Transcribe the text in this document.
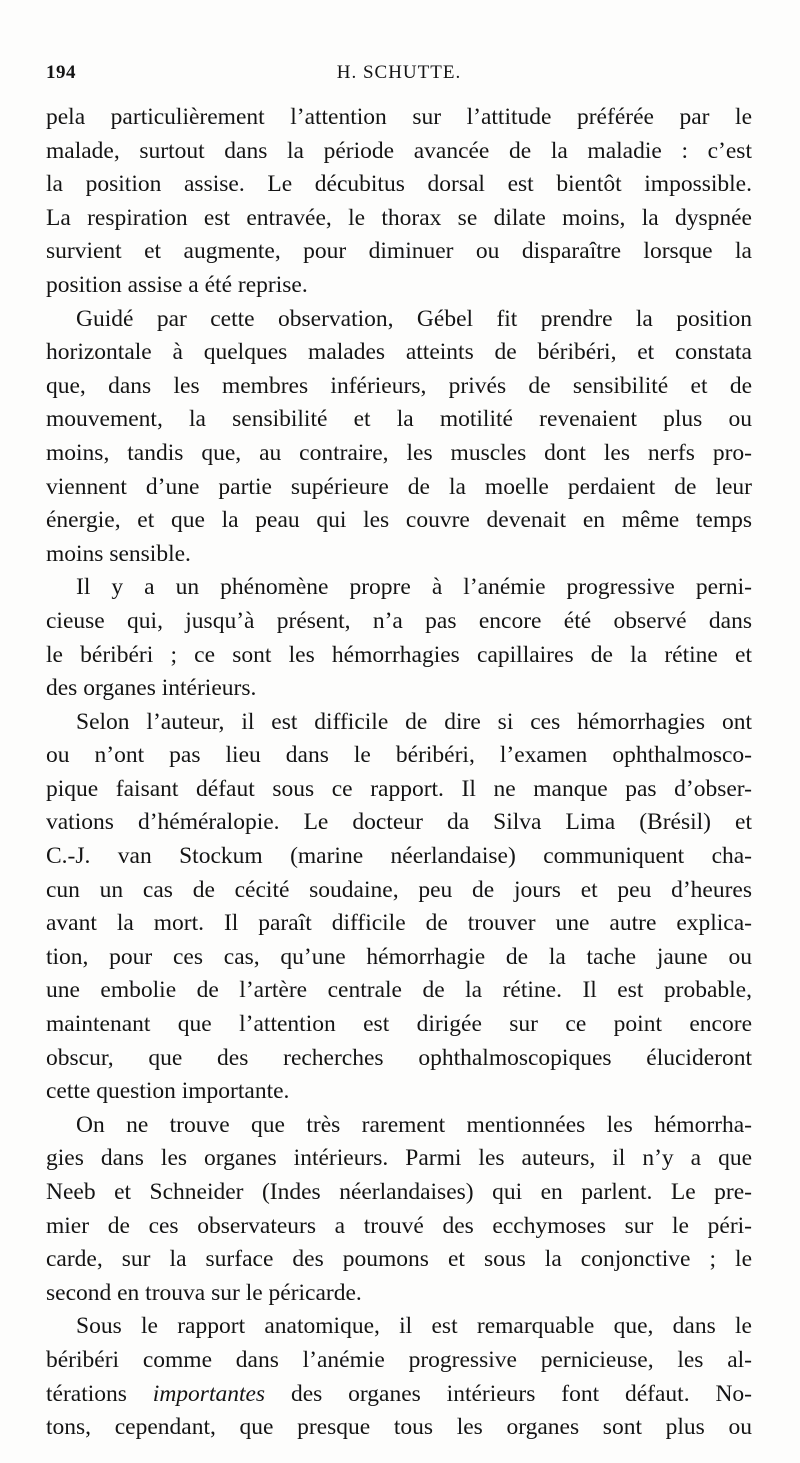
194	H. SCHUTTE.

pela particulièrement l’attention sur l’attitude préférée par le
malade, surtout dans la période avancée de la maladie : c’est
la position assise. Le décubitus dorsal est bientôt impossible.
La respiration est entravée, le thorax se dilate moins, la dyspnée
survient et augmente, pour diminuer ou disparaître lorsque la
position assise a été reprise.

Guidé par cette observation, Gébel fit prendre la position
horizontale à quelques malades atteints de béribéri, et constata
que, dans les membres inférieurs, privés de sensibilité et de
mouvement, la sensibilité et la motilité revenaient plus ou
moins, tandis que, au contraire, les muscles dont les nerfs pro-
viennent d’une partie supérieure de la moelle perdaient de leur
énergie, et que la peau qui les couvre devenait en même temps
moins sensible.

Il y a un phénomène propre à l’anémie progressive perni-
cieuse qui, jusqu’à présent, n’a pas encore été observé dans
le béribéri ; ce sont les hémorrhagies capillaires de la rétine et
des organes intérieurs.

Selon l’auteur, il est difficile de dire si ces hémorrhagies ont
ou n’ont pas lieu dans le béribéri, l’examen ophthalmosco-
pique faisant défaut sous ce rapport. Il ne manque pas d’obser-
vations d’héméralopie. Le docteur da Silva Lima (Brésil) et
C.-J. van Stockum (marine néerlandaise) communiquent cha-
cun un cas de cécité soudaine, peu de jours et peu d’heures
avant la mort. Il paraît difficile de trouver une autre explica-
tion, pour ces cas, qu’une hémorrhagie de la tache jaune ou
une embolie de l’artère centrale de la rétine. Il est probable,
maintenant que l’attention est dirigée sur ce point encore
obscur, que des recherches ophthalmoscopiques élucideront
cette question importante.

On ne trouve que très rarement mentionnées les hémorrha-
gies dans les organes intérieurs. Parmi les auteurs, il n’y a que
Neeb et Schneider (Indes néerlandaises) qui en parlent. Le pre-
mier de ces observateurs a trouvé des ecchymoses sur le péri-
carde, sur la surface des poumons et sous la conjonctive ; le
second en trouva sur le péricarde.

Sous le rapport anatomique, il est remarquable que, dans le
béribéri comme dans l’anémie progressive pernicieuse, les al-
térations importantes des organes intérieurs font défaut. No-
tons, cependant, que presque tous les organes sont plus ou
